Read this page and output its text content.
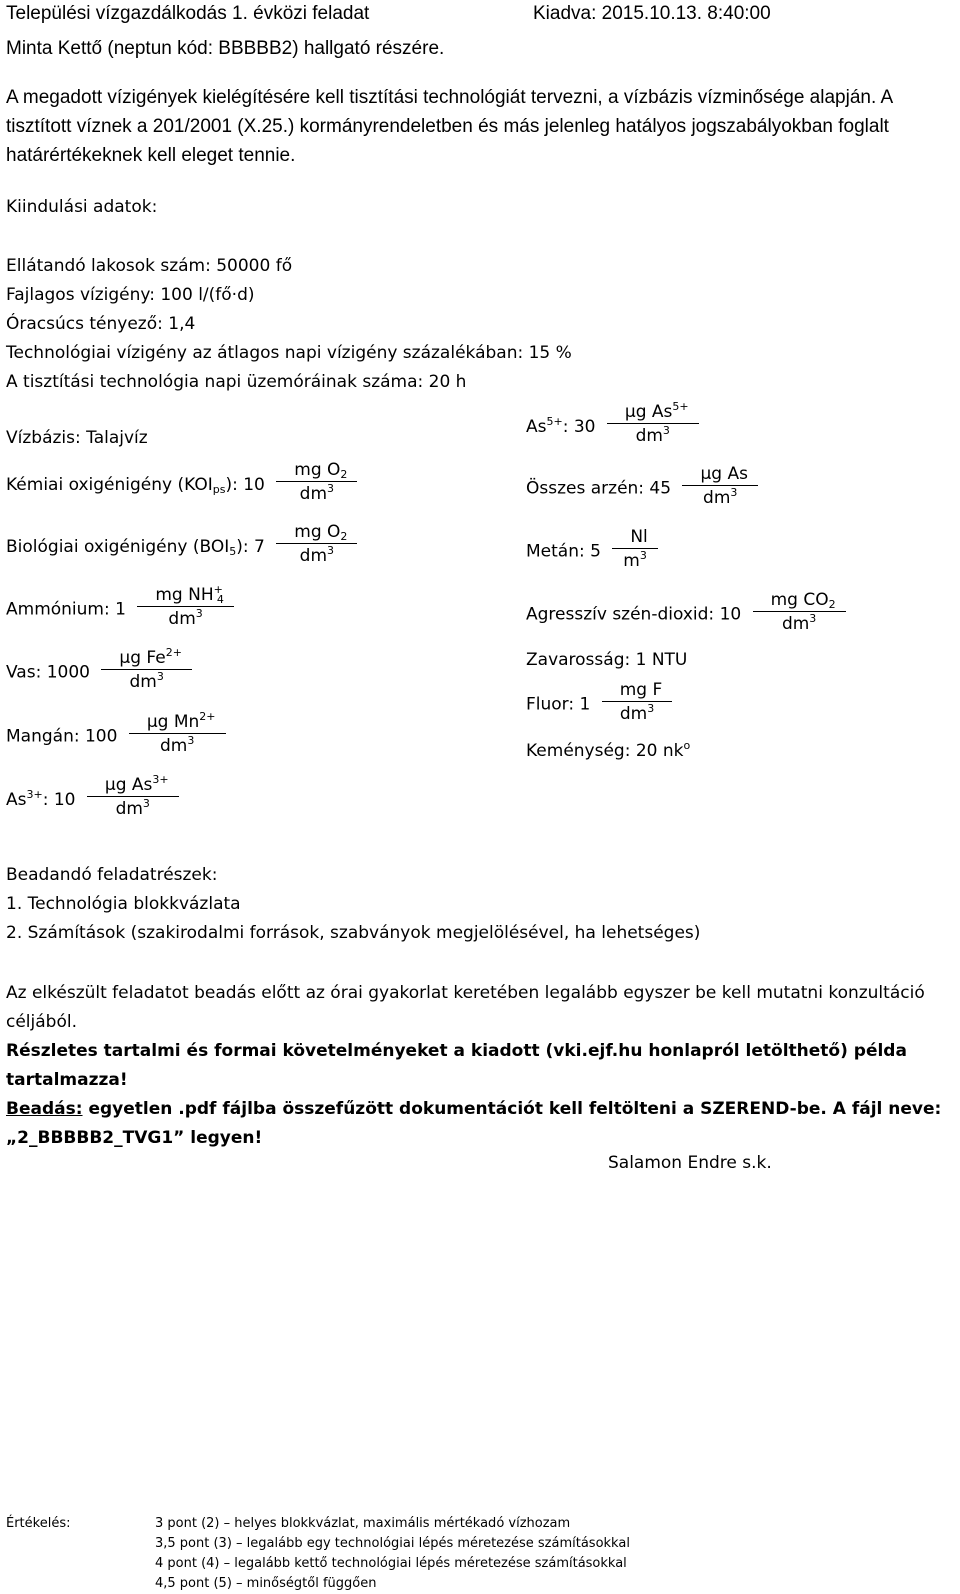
Települési vízgazdálkodás 1. évközi feladat	Kiadva: 2015.10.13. 8:40:00
Minta Kettő (neptun kód: BBBBB2) hallgató részére.
A megadott vízigények kielégítésére kell tisztítási technológiát tervezni, a vízbázis vízminősége alapján. A tisztított víznek a 201/2001 (X.25.) kormányrendeletben és más jelenleg hatályos jogszabályokban foglalt határértékeknek kell eleget tennie.
Kiindulási adatok:
Ellátandó lakosok szám: 50000 fő
Fajlagos vízigény: 100 l/(fő·d)
Óracsúcs tényező: 1,4
Technológiai vízigény az átlagos napi vízigény százalékában: 15 %
A tisztítási technológia napi üzemóráinak száma: 20 h
Vízbázis: Talajvíz
Kémiai oxigénigény $(KOI_{ps})$: $10 \frac{mg O_2}{dm^3}$
Biológiai oxigénigény $(BOI_5)$: $7 \frac{mg O_2}{dm^3}$
Ammónium: $1 \frac{mg NH^+_4}{dm^3}$
Vas: $1000 \frac{\mu g Fe^{2+}}{dm^3}$
Mangán: $100 \frac{\mu g Mn^{2+}}{dm^3}$
$As^{3+}$: $10 \frac{\mu g As^{3+}}{dm^3}$
$As^{5+}$: $30 \frac{\mu g As^{5+}}{dm^3}$
Összes arzén: $45 \frac{\text{µg As}}{dm^3}$
Metán: $5 \frac{Nl}{m^3}$
Agresszív szén-dioxid: $10 \frac{mg CO_2}{dm^3}$
Zavarosság: 1 NTU
Fluor: $1 \frac{\text{mg F}}{dm^3}$
Keménység: 20 $nk^o$
Beadandó feladatrészek:
1. Technológia blokkvázlata
2. Számítások (szakirodalmi források, szabványok megjelölésével, ha lehetséges)
Az elkészült feladatot beadás előtt az órai gyakorlat keretében legalább egyszer be kell mutatni konzultáció céljából.
Részletes tartalmi és formai követelményeket a kiadott (vki.ejf.hu honlapról letölthető) példa tartalmazza!
Beadás: egyetlen .pdf fájlba összefűzött dokumentációt kell feltölteni a SZEREND-be. A fájl neve: „2_BBBBB2_TVG1” legyen!
Salamon Endre s.k.
Értékelés:	3 pont (2) – helyes blokkvázlat, maximális mértékadó vízhozam
3,5 pont (3) – legalább egy technológiai lépés méretezése számításokkal
4 pont (4) – legalább kettő technológiai lépés méretezése számításokkal
4,5 pont (5) – minőségtől függően
